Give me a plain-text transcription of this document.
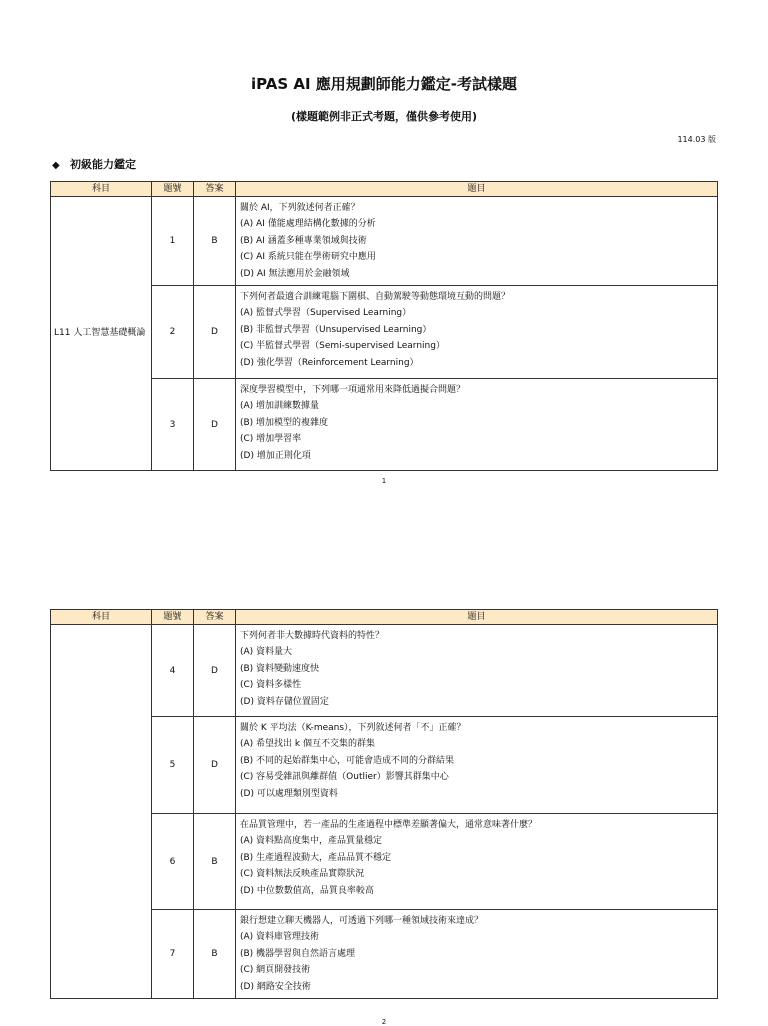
iPAS AI 應用規劃師能力鑑定-考試樣題
(樣題範例非正式考題，僅供參考使用)
114.03 版
◆ 初級能力鑑定
科目	題號	答案	題目
L11 人工智慧基礎概論	1	B	關於 AI，下列敘述何者正確？
(A) AI 僅能處理結構化數據的分析
(B) AI 涵蓋多種專業領域與技術
(C) AI 系統只能在學術研究中應用
(D) AI 無法應用於金融領域

	2	D	下列何者最適合訓練電腦下圍棋、自動駕駛等動態環境互動的問題？
(A) 監督式學習（Supervised Learning）
(B) 非監督式學習（Unsupervised Learning）
(C) 半監督式學習（Semi-supervised Learning）
(D) 強化學習（Reinforcement Learning）

	3	D	深度學習模型中，下列哪一項通常用來降低過擬合問題？
(A) 增加訓練數據量
(B) 增加模型的複雜度
(C) 增加學習率
(D) 增加正則化項
1
科目	題號	答案	題目
	4	D	下列何者非大數據時代資料的特性？
(A) 資料量大
(B) 資料變動速度快
(C) 資料多樣性
(D) 資料存儲位置固定

	5	D	關於 K 平均法（K-means），下列敘述何者「不」正確？
(A) 希望找出 k 個互不交集的群集
(B) 不同的起始群集中心，可能會造成不同的分群結果
(C) 容易受雜訊與離群值（Outlier）影響其群集中心
(D) 可以處理類別型資料

	6	B	在品質管理中，若一產品的生產過程中標準差顯著偏大，通常意味著什麼？
(A) 資料點高度集中，產品質量穩定
(B) 生產過程波動大，產品品質不穩定
(C) 資料無法反映產品實際狀況
(D) 中位數數值高，品質良率較高

	7	B	銀行想建立聊天機器人，可透過下列哪一種領域技術來達成？
(A) 資料庫管理技術
(B) 機器學習與自然語言處理
(C) 網頁開發技術
(D) 網路安全技術
2
